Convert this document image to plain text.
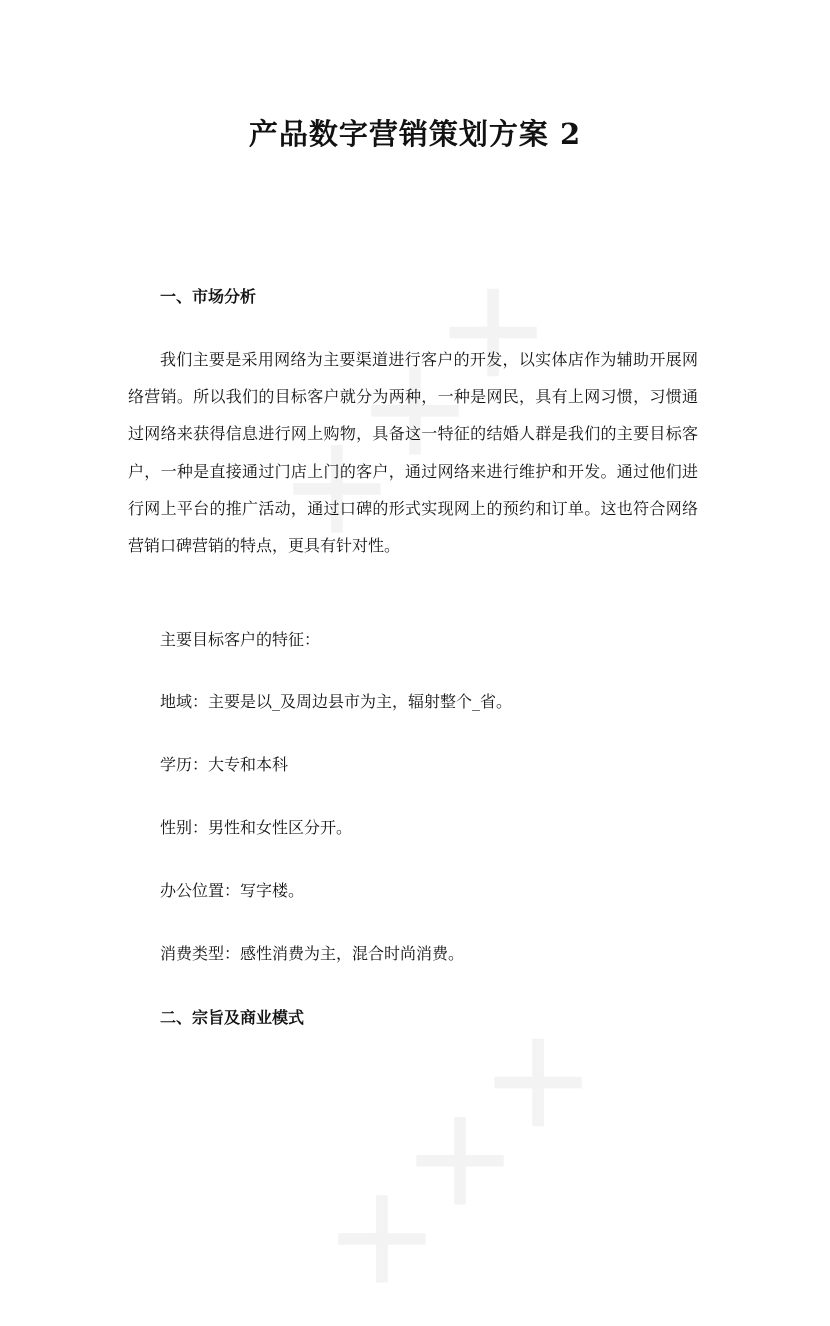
产品数字营销策划方案 2
一、市场分析

我们主要是采用网络为主要渠道进行客户的开发，以实体店作为辅助开展网络营销。所以我们的目标客户就分为两种，一种是网民，具有上网习惯，习惯通过网络来获得信息进行网上购物，具备这一特征的结婚人群是我们的主要目标客户，一种是直接通过门店上门的客户，通过网络来进行维护和开发。通过他们进行网上平台的推广活动，通过口碑的形式实现网上的预约和订单。这也符合网络营销口碑营销的特点，更具有针对性。

主要目标客户的特征：

地域：主要是以_及周边县市为主，辐射整个_省。

学历：大专和本科

性别：男性和女性区分开。

办公位置：写字楼。

消费类型：感性消费为主，混合时尚消费。

二、宗旨及商业模式
